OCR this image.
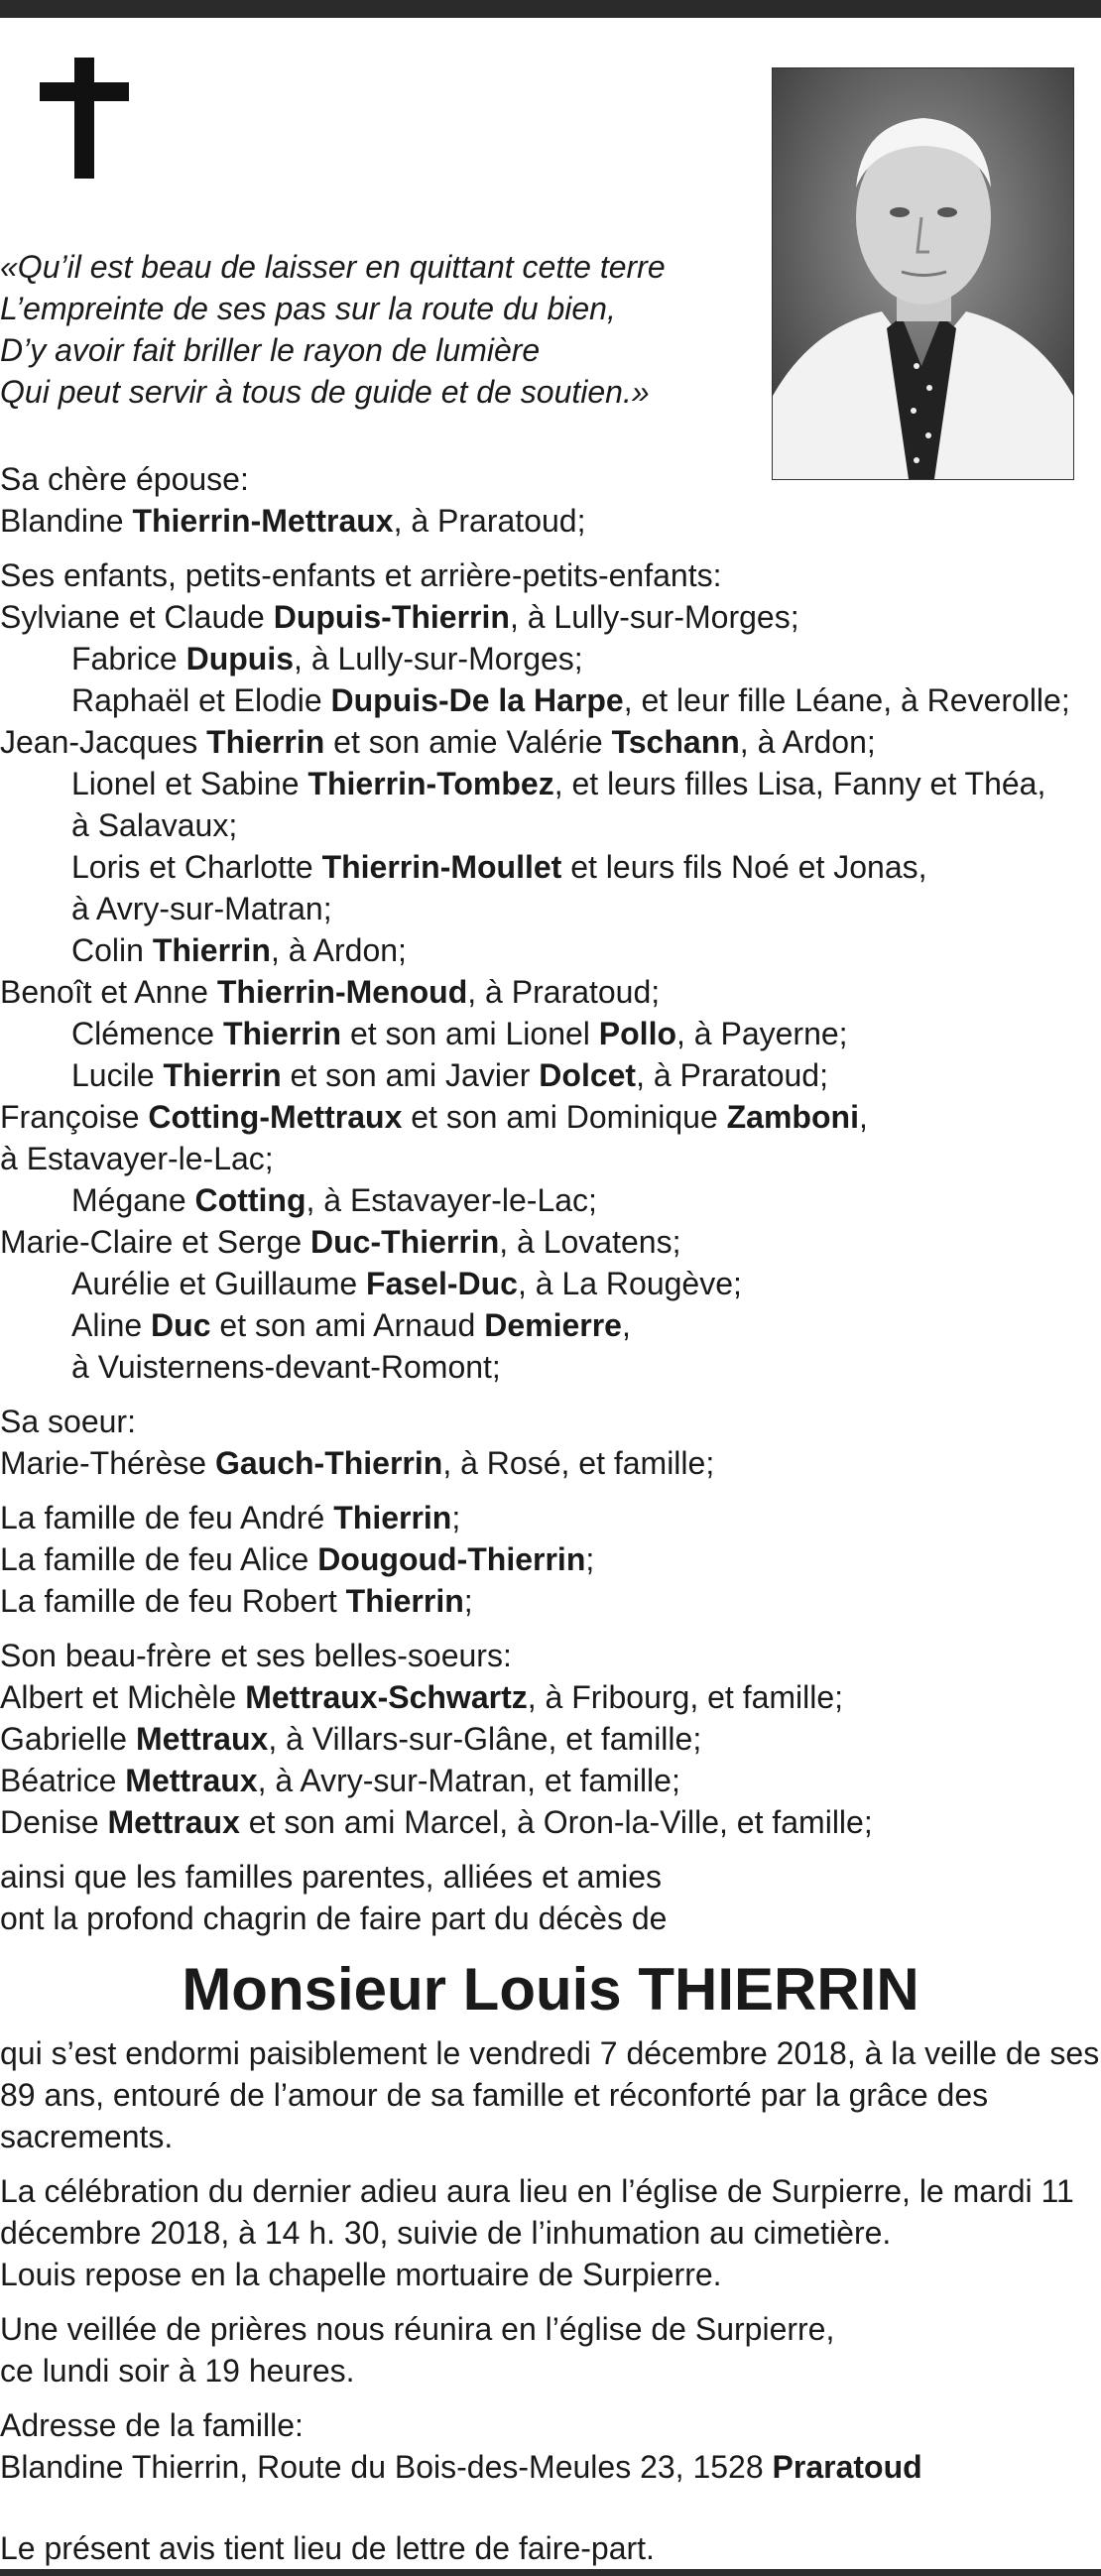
«Qu’il est beau de laisser en quittant cette terre
L’empreinte de ses pas sur la route du bien,
D’y avoir fait briller le rayon de lumière
Qui peut servir à tous de guide et de soutien.»

Sa chère épouse:

Blandine Thierrin-Mettraux, à Praratoud;

Ses enfants, petits-enfants et arrière-petits-enfants:

Sylviane et Claude Dupuis-Thierrin, à Lully-sur-Morges;

Fabrice Dupuis, à Lully-sur-Morges;

Raphaël et Elodie Dupuis-De la Harpe, et leur fille Léane, à Reverolle;

Jean-Jacques Thierrin et son amie Valérie Tschann, à Ardon;

Lionel et Sabine Thierrin-Tombez, et leurs filles Lisa, Fanny et Théa,

à Salavaux;

Loris et Charlotte Thierrin-Moullet et leurs fils Noé et Jonas,

à Avry-sur-Matran;

Colin Thierrin, à Ardon;

Benoît et Anne Thierrin-Menoud, à Praratoud;

Clémence Thierrin et son ami Lionel Pollo, à Payerne;

Lucile Thierrin et son ami Javier Dolcet, à Praratoud;

Françoise Cotting-Mettraux et son ami Dominique Zamboni,

à Estavayer-le-Lac;

Mégane Cotting, à Estavayer-le-Lac;

Marie-Claire et Serge Duc-Thierrin, à Lovatens;

Aurélie et Guillaume Fasel-Duc, à La Rougève;

Aline Duc et son ami Arnaud Demierre,

à Vuisternens-devant-Romont;

Sa soeur:

Marie-Thérèse Gauch-Thierrin, à Rosé, et famille;

La famille de feu André Thierrin;

La famille de feu Alice Dougoud-Thierrin;

La famille de feu Robert Thierrin;

Son beau-frère et ses belles-soeurs:

Albert et Michèle Mettraux-Schwartz, à Fribourg, et famille;

Gabrielle Mettraux, à Villars-sur-Glâne, et famille;

Béatrice Mettraux, à Avry-sur-Matran, et famille;

Denise Mettraux et son ami Marcel, à Oron-la-Ville, et famille;

ainsi que les familles parentes, alliées et amies

ont la profond chagrin de faire part du décès de

Monsieur Louis THIERRIN

qui s’est endormi paisiblement le vendredi 7 décembre 2018, à la veille de ses 89 ans, entouré de l’amour de sa famille et réconforté par la grâce des sacrements.

La célébration du dernier adieu aura lieu en l’église de Surpierre, le mardi 11 décembre 2018, à 14 h. 30, suivie de l’inhumation au cimetière.

Louis repose en la chapelle mortuaire de Surpierre.

Une veillée de prières nous réunira en l’église de Surpierre,

ce lundi soir à 19 heures.

Adresse de la famille:

Blandine Thierrin, Route du Bois-des-Meules 23, 1528 Praratoud

Le présent avis tient lieu de lettre de faire-part.
